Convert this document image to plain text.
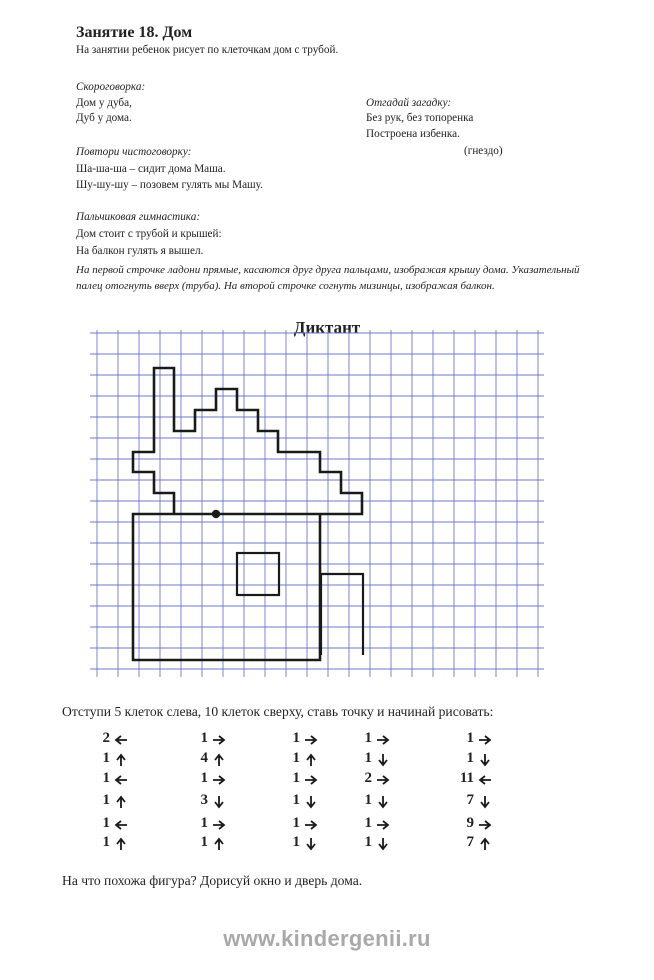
Занятие 18. Дом
На занятии ребенок рисует по клеточкам дом с трубой.
Скороговорка:
Дом у дуба,
Дуб у дома.
Отгадай загадку:
Без рук, без топоренка
Построена избенка.
(гнездо)
Повтори чистоговорку:
Ша-ша-ша – сидит дома Маша.
Шу-шу-шу – позовем гулять мы Машу.
Пальчиковая гимнастика:
Дом стоит с трубой и крышей:
На балкон гулять я вышел.
На первой строчке ладони прямые, касаются друг друга пальцами, изображая крышу дома. Указательный палец отогнуть вверх (труба). На второй строчке согнуть мизинцы, изображая балкон.
Диктант
Отступи 5 клеток слева, 10 клеток сверху, ставь точку и начинай рисовать:
2
1
1
1
1
1
1
4
1
3
1
1
1
1
1
1
1
1
1
1
2
1
1
1
1
1
11
7
9
7
На что похожа фигура? Дорисуй окно и дверь дома.
www.kindergenii.ru
